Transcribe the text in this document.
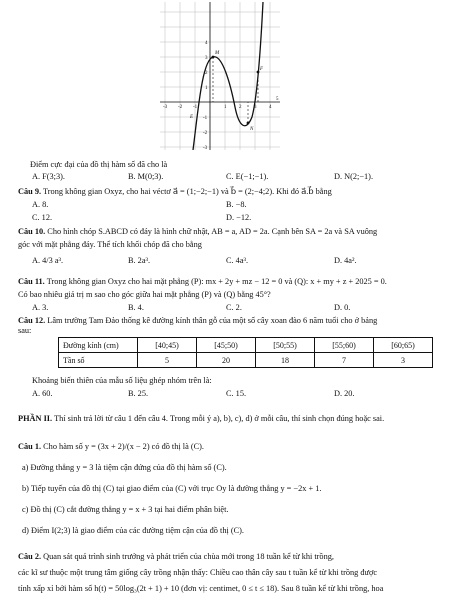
-3 -2 -1	1	2	3	4
5
4
3
2
1
-1
-2
-3
M
F
E
N
Điểm cực đại của đồ thị hàm số đã cho là
A. F(3;3).	B. M(0;3).	C. E(−1;−1).	D. N(2;−1).
Câu 9. Trong không gian Oxyz, cho hai véctơ a⃗ = (1;−2;−1) và b⃗ = (2;−4;2). Khi đó a⃗.b⃗ bằng
A. 8.	B. −8.
C. 12.	D. −12.
Câu 10. Cho hình chóp S.ABCD có đáy là hình chữ nhật, AB = a, AD = 2a. Cạnh bên SA = 2a và SA vuông
góc với mặt phẳng đáy. Thể tích khối chóp đã cho bằng
A. 4/3 a³.	B. 2a³.	C. 4a³.	D. 4a².
Câu 11. Trong không gian Oxyz cho hai mặt phẳng (P): mx + 2y + mz − 12 = 0 và (Q): x + my + z + 2025 = 0.
Có bao nhiêu giá trị m sao cho góc giữa hai mặt phẳng (P) và (Q) bằng 45°?
A. 3.	B. 4.	C. 2.	D. 0.
Câu 12. Lâm trường Tam Đảo thống kê đường kính thân gỗ của một số cây xoan đào 6 năm tuổi cho ở bảng
sau:
Đường kính (cm)	[40;45)	[45;50)	[50;55)	[55;60)	[60;65)
Tần số	5	20	18	7	3
Khoảng biến thiên của mẫu số liệu ghép nhóm trên là:
A. 60.	B. 25.	C. 15.	D. 20.
PHẦN II. Thí sinh trả lời từ câu 1 đến câu 4. Trong mỗi ý a), b), c), d) ở mỗi câu, thí sinh chọn đúng hoặc sai.
Câu 1. Cho hàm số y = (3x + 2)/(x − 2) có đồ thị là (C).
a) Đường thẳng y = 3 là tiệm cận đứng của đồ thị hàm số (C).
b) Tiếp tuyến của đồ thị (C) tại giao điểm của (C) với trục Oy là đường thẳng y = −2x + 1.
c) Đồ thị (C) cắt đường thẳng y = x + 3 tại hai điểm phân biệt.
d) Điểm I(2;3) là giao điểm của các đường tiệm cận của đồ thị (C).
Câu 2. Quan sát quá trình sinh trưởng và phát triển của chùa mới trong 18 tuần kể từ khi trồng,
các kĩ sư thuộc một trung tâm giống cây trồng nhận thấy: Chiều cao thân cây sau t tuần kể từ khi trồng được
tính xấp xỉ bởi hàm số h(t) = 50log₃(2t + 1) + 10 (đơn vị: centimet, 0 ≤ t ≤ 18). Sau 8 tuần kể từ khi trồng, hoa
